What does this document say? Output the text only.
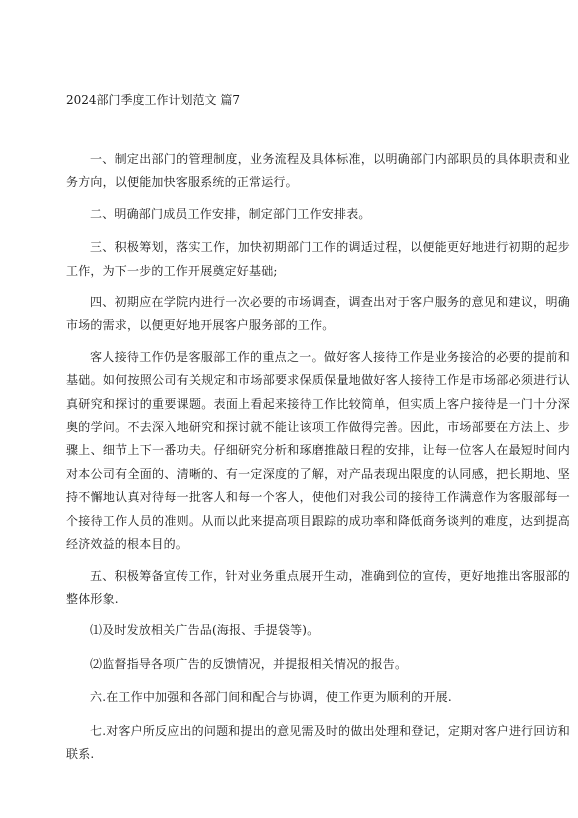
2024部门季度工作计划范文 篇7

一、制定出部门的管理制度，业务流程及具体标准，以明确部门内部职员的具体职责和业务方向，以便能加快客服系统的正常运行。

二、明确部门成员工作安排，制定部门工作安排表。

三、积极筹划，落实工作，加快初期部门工作的调适过程，以便能更好地进行初期的起步工作，为下一步的工作开展奠定好基础;

四、初期应在学院内进行一次必要的市场调查，调查出对于客户服务的意见和建议，明确市场的需求，以便更好地开展客户服务部的工作。

客人接待工作仍是客服部工作的重点之一。做好客人接待工作是业务接洽的必要的提前和基础。如何按照公司有关规定和市场部要求保质保量地做好客人接待工作是市场部必须进行认真研究和探讨的重要课题。表面上看起来接待工作比较简单，但实质上客户接待是一门十分深奥的学问。不去深入地研究和探讨就不能让该项工作做得完善。因此，市场部要在方法上、步骤上、细节上下一番功夫。仔细研究分析和琢磨推敲日程的安排，让每一位客人在最短时间内对本公司有全面的、清晰的、有一定深度的了解，对产品表现出限度的认同感，把长期地、坚持不懈地认真对待每一批客人和每一个客人，使他们对我公司的接待工作满意作为客服部每一个接待工作人员的准则。从而以此来提高项目跟踪的成功率和降低商务谈判的难度，达到提高经济效益的根本目的。

五、积极筹备宣传工作，针对业务重点展开生动，准确到位的宣传，更好地推出客服部的整体形象.

⑴及时发放相关广告品(海报、手提袋等)。

⑵监督指导各项广告的反馈情况，并提报相关情况的报告。

六.在工作中加强和各部门间和配合与协调，使工作更为顺利的开展.

七.对客户所反应出的问题和提出的意见需及时的做出处理和登记，定期对客户进行回访和联系.
